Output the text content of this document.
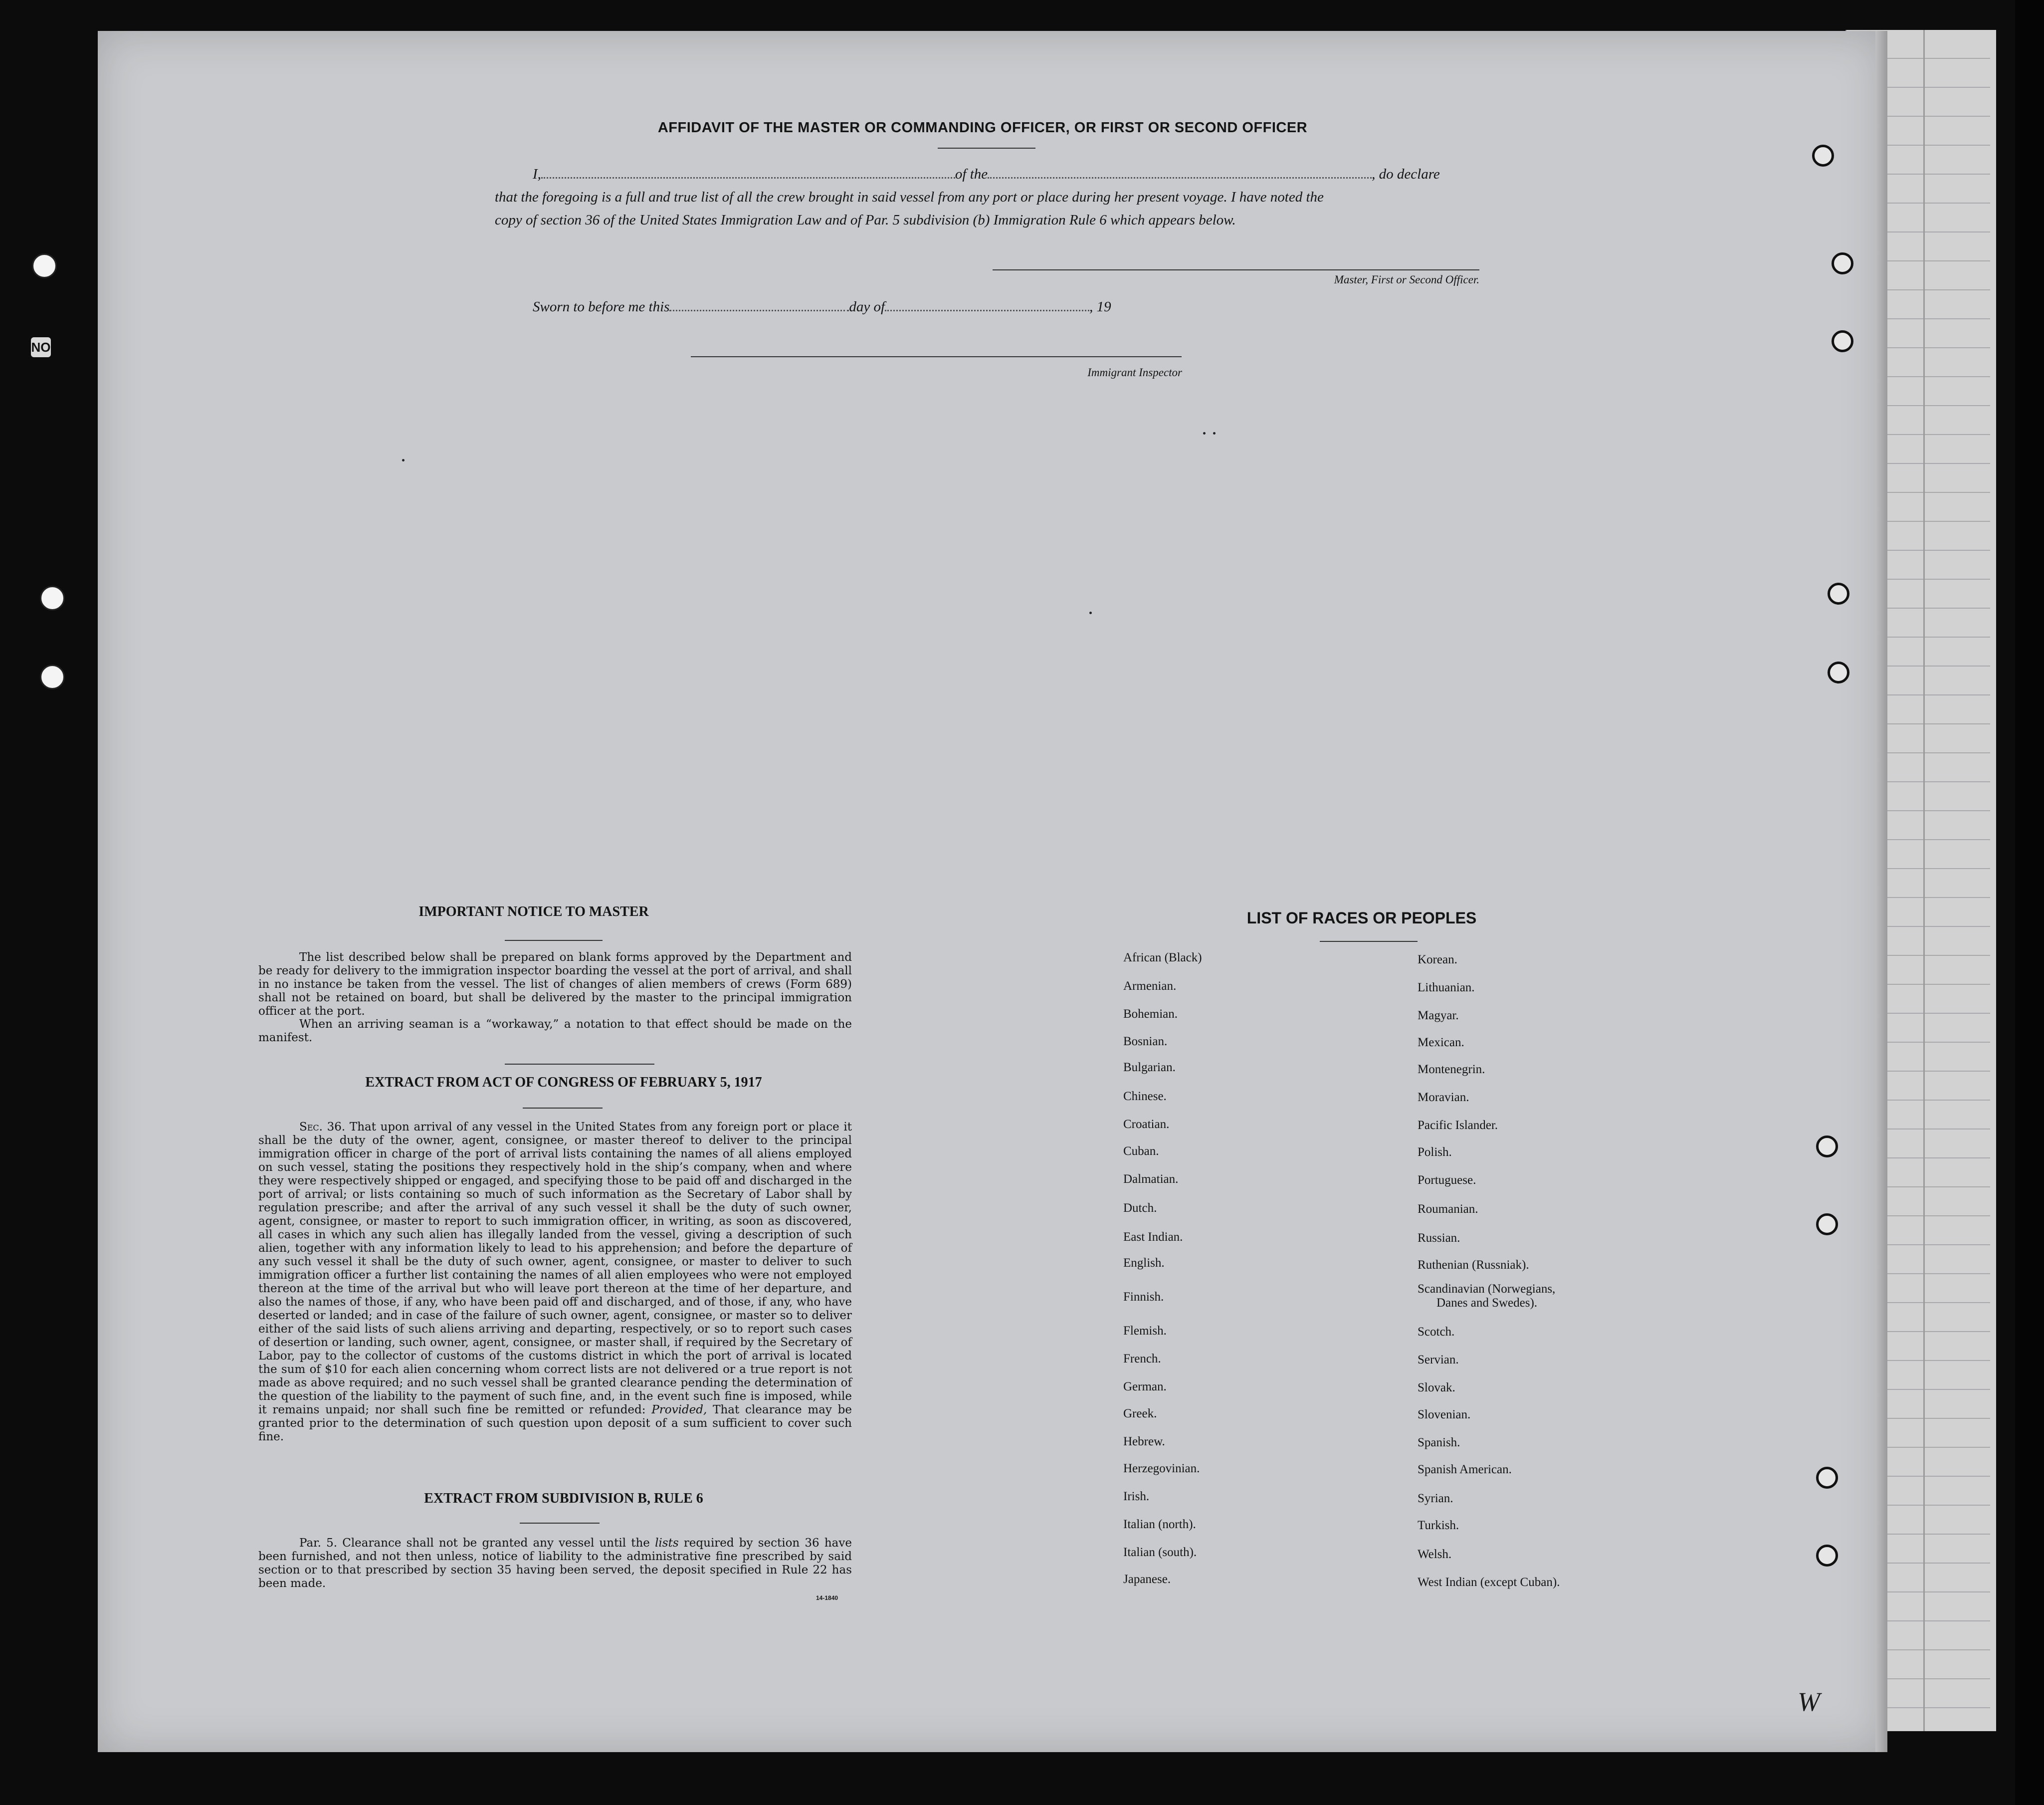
NO
AFFIDAVIT OF THE MASTER OR COMMANDING OFFICER, OR FIRST OR SECOND OFFICER
I,	of the	, do declare
that the foregoing is a full and true list of all the crew brought in said vessel from any port or place during her present voyage. I have noted the
copy of section 36 of the United States Immigration Law and of Par. 5 subdivision (b) Immigration Rule 6 which appears below.
Master, First or Second Officer.
Sworn to before me this	day of	, 19
Immigrant Inspector
IMPORTANT NOTICE TO MASTER
The list described below shall be prepared on blank forms approved by the Department and be ready for delivery to the immigration inspector boarding the vessel at the port of arrival, and shall in no instance be taken from the vessel. The list of changes of alien members of crews (Form 689) shall not be retained on board, but shall be delivered by the master to the principal immigration officer at the port.
When an arriving seaman is a “workaway,” a notation to that effect should be made on the manifest.
EXTRACT FROM ACT OF CONGRESS OF FEBRUARY 5, 1917
Sec. 36. That upon arrival of any vessel in the United States from any foreign port or place it shall be the duty of the owner, agent, consignee, or master thereof to deliver to the principal immigration officer in charge of the port of arrival lists containing the names of all aliens employed on such vessel, stating the positions they respectively hold in the ship’s company, when and where they were respectively shipped or engaged, and specifying those to be paid off and discharged in the port of arrival; or lists containing so much of such information as the Secretary of Labor shall by regulation prescribe; and after the arrival of any such vessel it shall be the duty of such owner, agent, consignee, or master to report to such immigration officer, in writing, as soon as discovered, all cases in which any such alien has illegally landed from the vessel, giving a description of such alien, together with any information likely to lead to his apprehension; and before the departure of any such vessel it shall be the duty of such owner, agent, consignee, or master to deliver to such immigration officer a further list containing the names of all alien employees who were not employed thereon at the time of the arrival but who will leave port thereon at the time of her departure, and also the names of those, if any, who have been paid off and discharged, and of those, if any, who have deserted or landed; and in case of the failure of such owner, agent, consignee, or master so to deliver either of the said lists of such aliens arriving and departing, respectively, or so to report such cases of desertion or landing, such owner, agent, consignee, or master shall, if required by the Secretary of Labor, pay to the collector of customs of the customs district in which the port of arrival is located the sum of $10 for each alien concerning whom correct lists are not delivered or a true report is not made as above required; and no such vessel shall be granted clearance pending the determination of the question of the liability to the payment of such fine, and, in the event such fine is imposed, while it remains unpaid; nor shall such fine be remitted or refunded: Provided, That clearance may be granted prior to the determination of such question upon deposit of a sum sufficient to cover such fine.
EXTRACT FROM SUBDIVISION B, RULE 6
Par. 5. Clearance shall not be granted any vessel until the lists required by section 36 have been furnished, and not then unless, notice of liability to the administrative fine prescribed by said section or to that prescribed by section 35 having been served, the deposit specified in Rule 22 has been made.
14-1840
LIST OF RACES OR PEOPLES
African (Black)
Armenian.
Bohemian.
Bosnian.
Bulgarian.
Chinese.
Croatian.
Cuban.
Dalmatian.
Dutch.
East Indian.
English.
Finnish.
Flemish.
French.
German.
Greek.
Hebrew.
Herzegovinian.
Irish.
Italian (north).
Italian (south).
Japanese.
Korean.
Lithuanian.
Magyar.
Mexican.
Montenegrin.
Moravian.
Pacific Islander.
Polish.
Portuguese.
Roumanian.
Russian.
Ruthenian (Russniak).
Scandinavian (Norwegians,
Danes and Swedes).
Scotch.
Servian.
Slovak.
Slovenian.
Spanish.
Spanish American.
Syrian.
Turkish.
Welsh.
West Indian (except Cuban).
W
